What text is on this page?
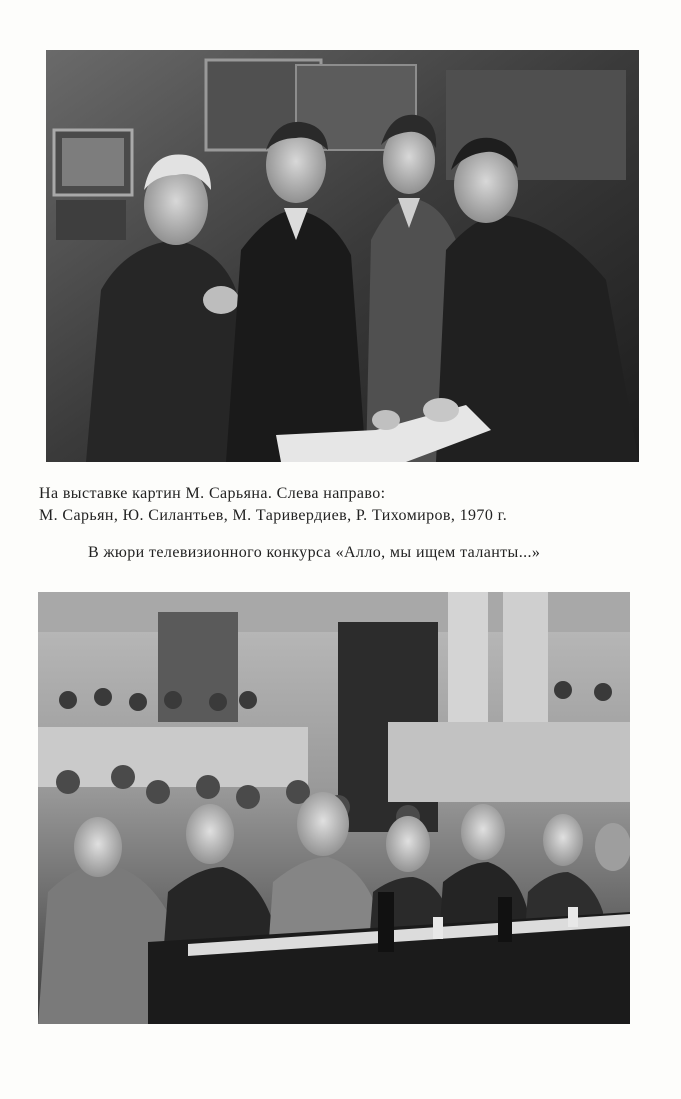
На выставке картин М. Сарьяна. Слева направо:
М. Сарьян, Ю. Силантьев, М. Таривердиев, Р. Тихомиров, 1970 г.
В жюри телевизионного конкурса «Алло, мы ищем таланты...»
